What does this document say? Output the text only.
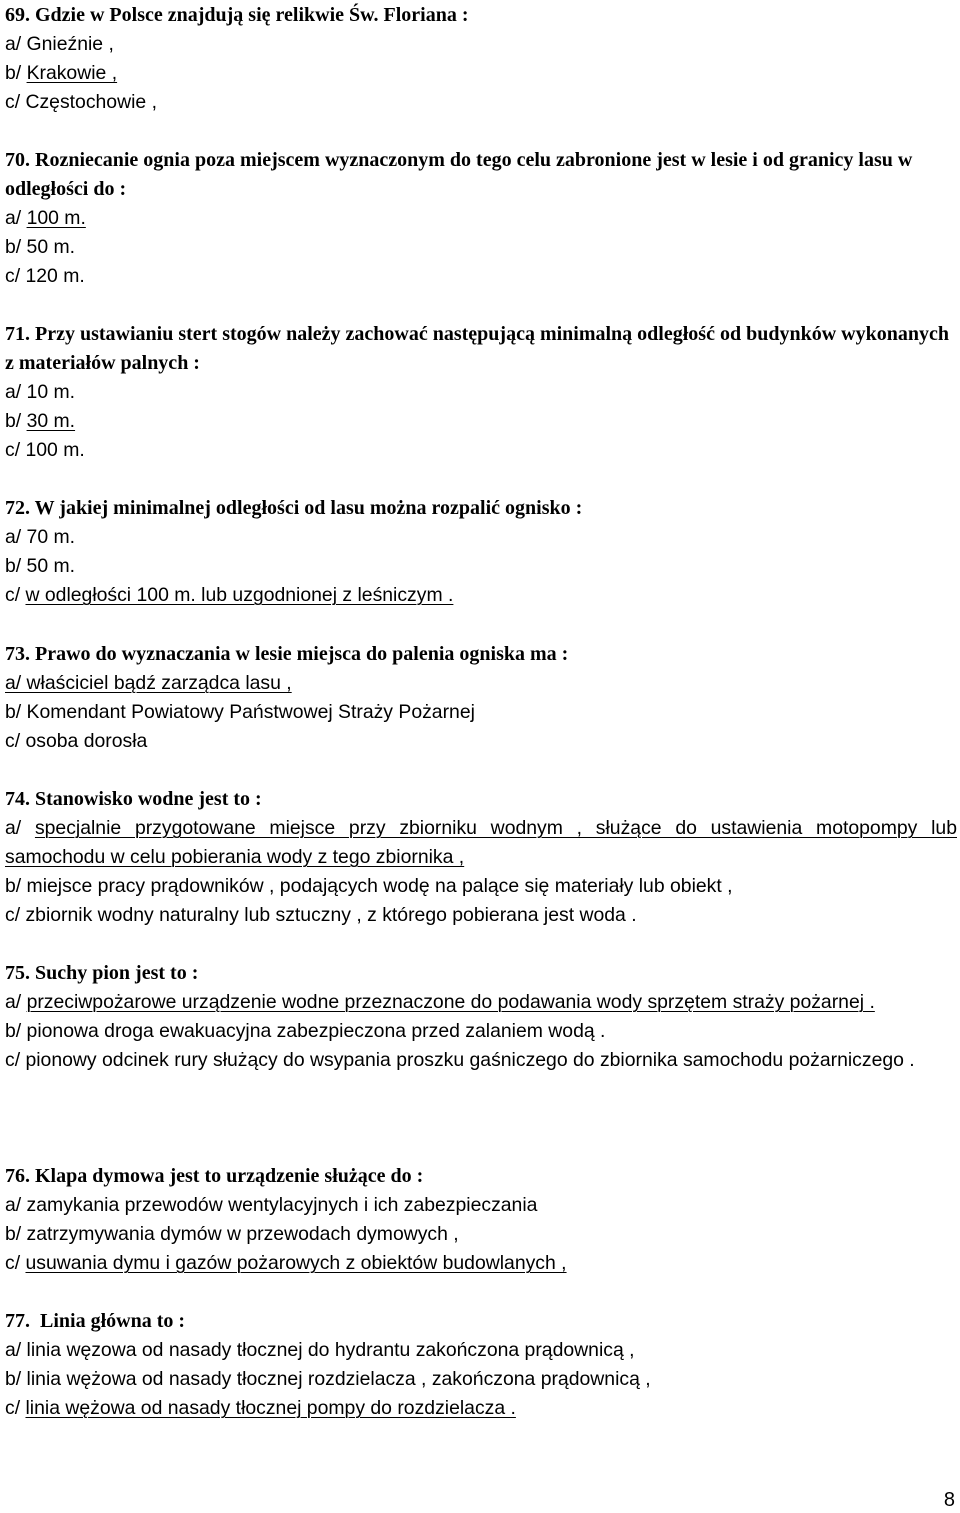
69. Gdzie w Polsce znajdują się relikwie Św. Floriana :

a/ Gnieźnie ,
b/ Krakowie ,
c/ Częstochowie ,

70. Rozniecanie ognia poza miejscem wyznaczonym do tego celu zabronione jest w lesie i od granicy lasu w odległości do :

a/ 100 m.
b/ 50 m.
c/ 120 m.

71. Przy ustawianiu stert stogów należy zachować następującą minimalną odległość od budynków wykonanych z materiałów palnych :

a/ 10 m.
b/ 30 m.
c/ 100 m.

72. W jakiej minimalnej odległości od lasu można rozpalić ognisko :

a/ 70 m.
b/ 50 m.
c/ w odległości 100 m. lub uzgodnionej z leśniczym .

73. Prawo do wyznaczania w lesie miejsca do palenia ogniska ma :

a/ właściciel bądź zarządca lasu ,
b/ Komendant Powiatowy Państwowej Straży Pożarnej
c/ osoba dorosła

74. Stanowisko wodne jest to :

a/ specjalnie przygotowane miejsce przy zbiorniku wodnym , służące do ustawienia motopompy lub samochodu w celu pobierania wody z tego zbiornika ,
b/ miejsce pracy prądowników , podających wodę na palące się materiały lub obiekt ,
c/ zbiornik wodny naturalny lub sztuczny , z którego pobierana jest woda .

75. Suchy pion jest to :

a/ przeciwpożarowe urządzenie wodne przeznaczone do podawania wody sprzętem straży pożarnej .
b/ pionowa droga ewakuacyjna zabezpieczona przed zalaniem wodą .
c/ pionowy odcinek rury służący do wsypania proszku gaśniczego do zbiornika samochodu pożarniczego .

76. Klapa dymowa jest to urządzenie służące do :

a/ zamykania przewodów wentylacyjnych i ich zabezpieczania
b/ zatrzymywania dymów w przewodach dymowych ,
c/ usuwania dymu i gazów pożarowych z obiektów budowlanych ,

77.  Linia główna to :

a/ linia węzowa od nasady tłocznej do hydrantu zakończona prądownicą ,
b/ linia wężowa od nasady tłocznej rozdzielacza , zakończona prądownicą ,
c/ linia wężowa od nasady tłocznej pompy do rozdzielacza .
8
